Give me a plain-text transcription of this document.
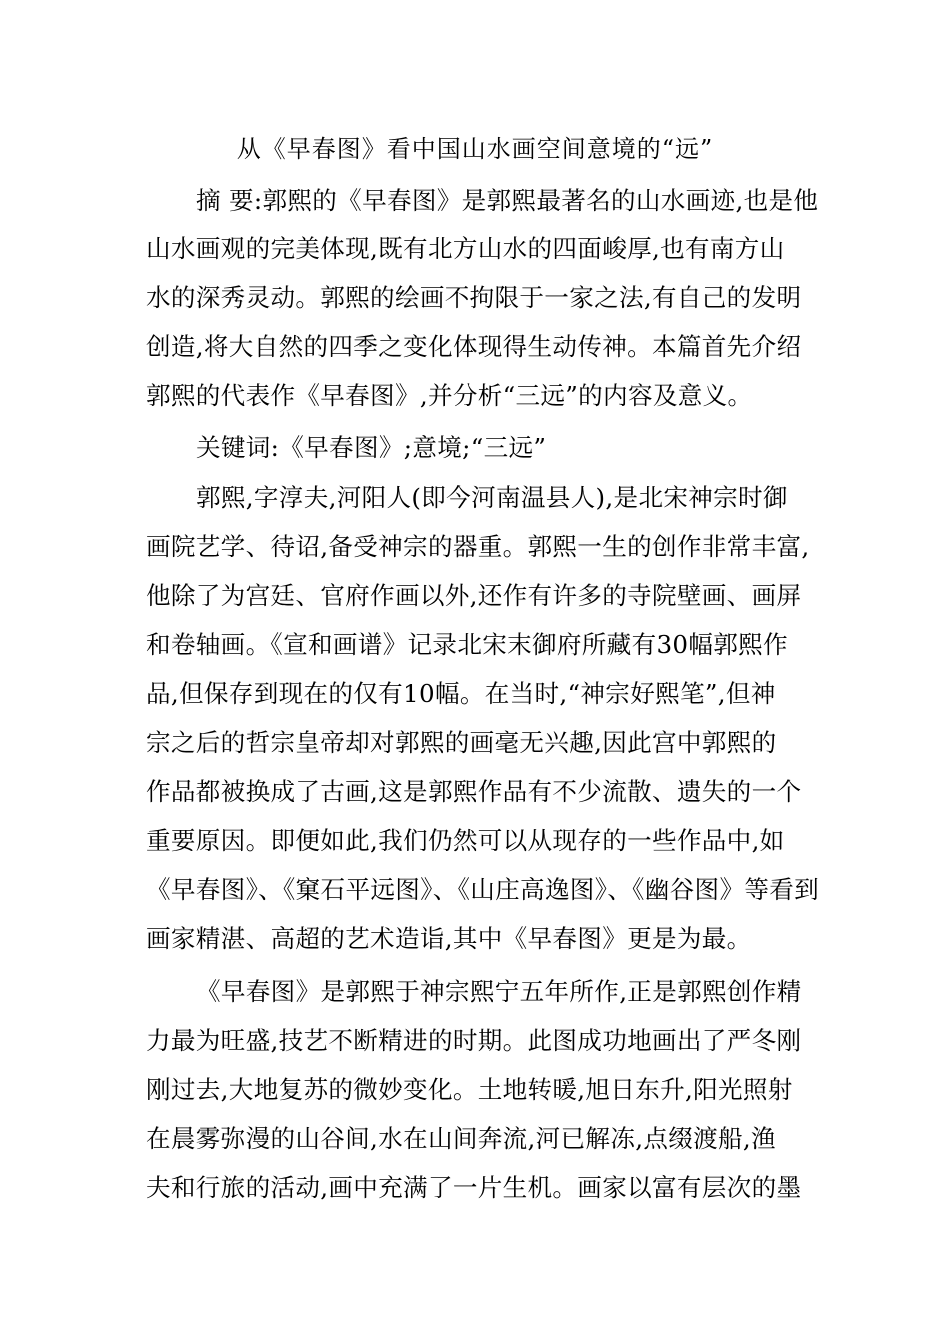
从《早春图》看中国山水画空间意境的“远”
摘 要:郭熙的《早春图》是郭熙最著名的山水画迹,也是他
山水画观的完美体现,既有北方山水的四面峻厚,也有南方山
水的深秀灵动。郭熙的绘画不拘限于一家之法,有自己的发明
创造,将大自然的四季之变化体现得生动传神。本篇首先介绍
郭熙的代表作《早春图》,并分析“三远”的内容及意义。
关键词:《早春图》;意境;“三远”
郭熙,字淳夫,河阳人(即今河南温县人),是北宋神宗时御
画院艺学、待诏,备受神宗的器重。郭熙一生的创作非常丰富,
他除了为宫廷、官府作画以外,还作有许多的寺院壁画、画屏
和卷轴画。《宣和画谱》记录北宋末御府所藏有30幅郭熙作
品,但保存到现在的仅有10幅。在当时,“神宗好熙笔”,但神
宗之后的哲宗皇帝却对郭熙的画毫无兴趣,因此宫中郭熙的
作品都被换成了古画,这是郭熙作品有不少流散、遗失的一个
重要原因。即便如此,我们仍然可以从现存的一些作品中,如
《早春图》、《窠石平远图》、《山庄高逸图》、《幽谷图》等看到
画家精湛、高超的艺术造诣,其中《早春图》更是为最。
《早春图》是郭熙于神宗熙宁五年所作,正是郭熙创作精
力最为旺盛,技艺不断精进的时期。此图成功地画出了严冬刚
刚过去,大地复苏的微妙变化。土地转暖,旭日东升,阳光照射
在晨雾弥漫的山谷间,水在山间奔流,河已解冻,点缀渡船,渔
夫和行旅的活动,画中充满了一片生机。画家以富有层次的墨
